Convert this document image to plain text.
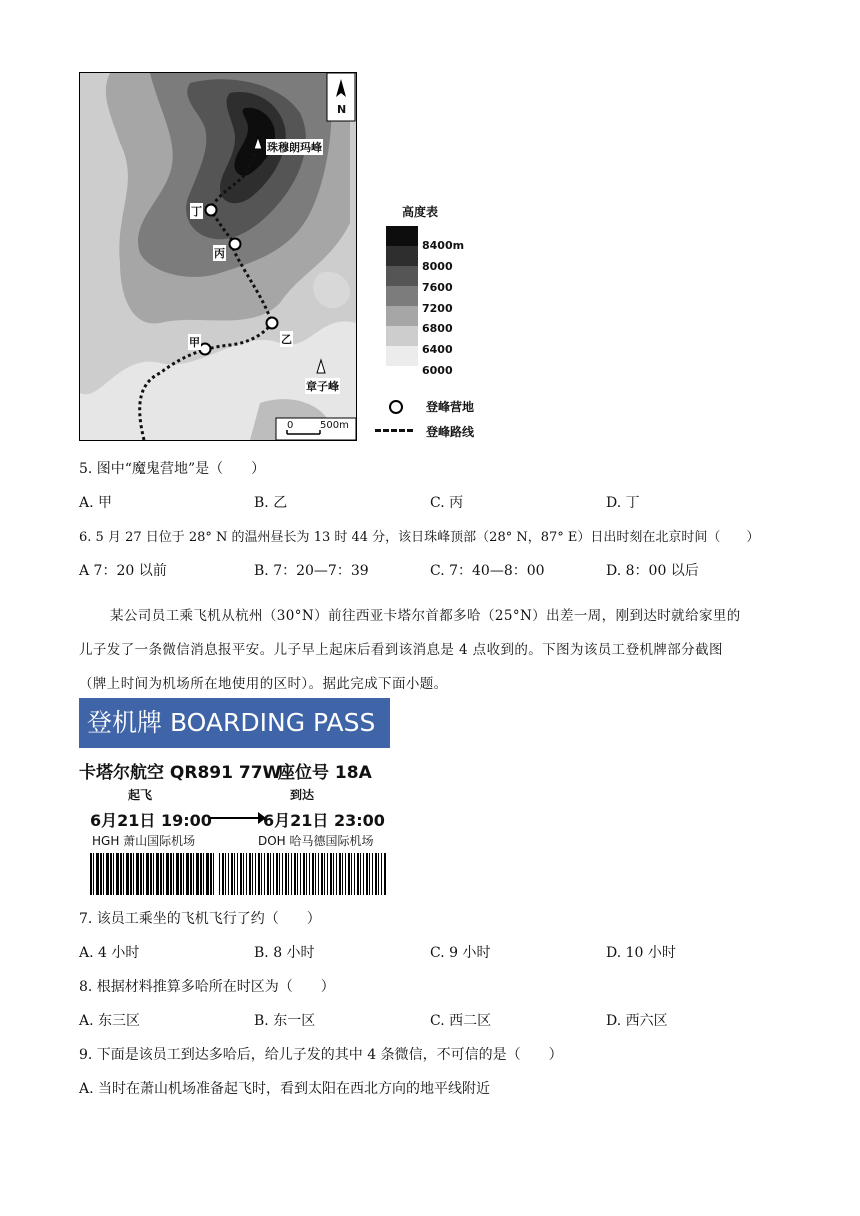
N
珠穆朗玛峰
章子峰
甲	乙
丙
丁
0	500m
高度表
8400m
8000
7600
7200
6800
6400
6000
登峰营地
登峰路线
5. 图中“魔鬼营地”是（　　）
A. 甲	B. 乙	C. 丙	D. 丁
6. 5 月 27 日位于 28° N 的温州昼长为 13 时 44 分，该日珠峰顶部（28° N，87° E）日出时刻在北京时间（　　）
A 7：20 以前	B. 7：20—7：39	C. 7：40—8：00	D. 8：00 以后
某公司员工乘飞机从杭州（30°N）前往西亚卡塔尔首都多哈（25°N）出差一周，刚到达时就给家里的
儿子发了一条微信消息报平安。儿子早上起床后看到该消息是 4 点收到的。下图为该员工登机牌部分截图
（牌上时间为机场所在地使用的区时）。据此完成下面小题。
登机牌 BOARDING PASS
卡塔尔航空 QR891 77W
座位号 18A
起飞	到达
6月21日 19:00	6月21日 23:00
HGH 萧山国际机场	DOH 哈马德国际机场
7. 该员工乘坐的飞机飞行了约（　　）
A. 4 小时	B. 8 小时	C. 9 小时	D. 10 小时
8. 根据材料推算多哈所在时区为（　　）
A. 东三区	B. 东一区	C. 西二区	D. 西六区
9. 下面是该员工到达多哈后，给儿子发的其中 4 条微信，不可信的是（　　）
A. 当时在萧山机场准备起飞时，看到太阳在西北方向的地平线附近
